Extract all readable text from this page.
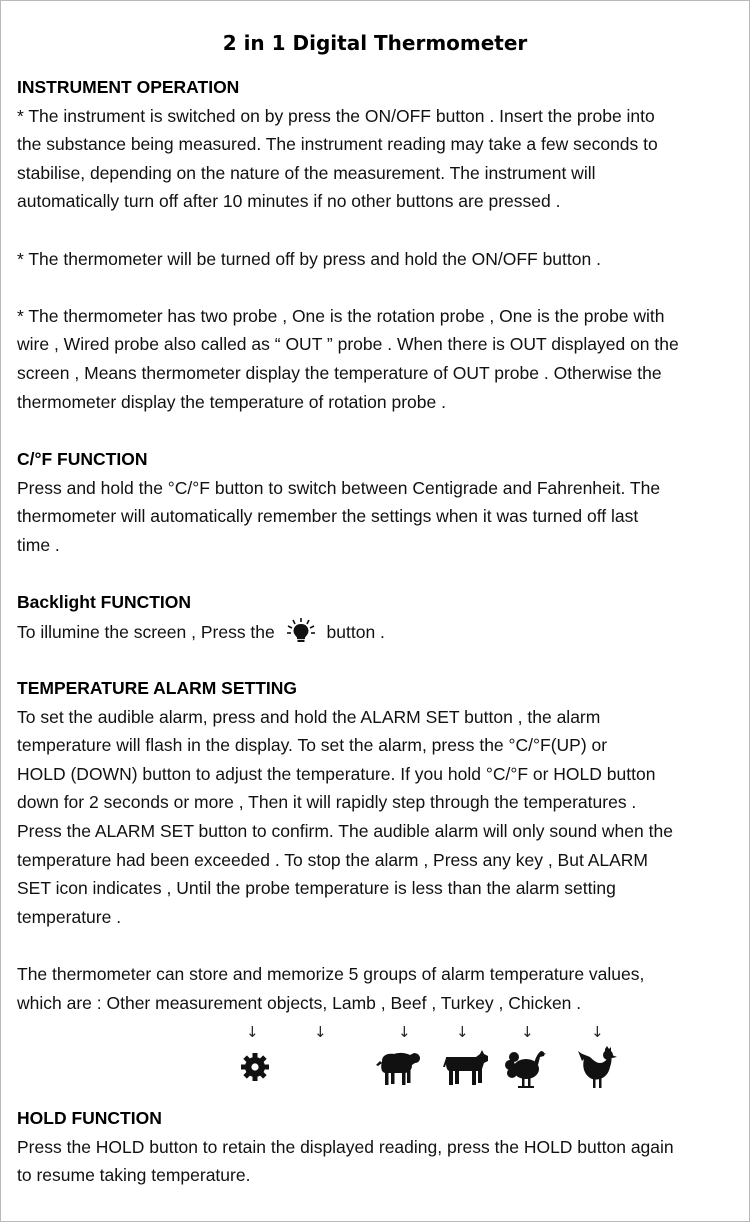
2 in 1 Digital Thermometer
INSTRUMENT OPERATION
* The instrument is switched on by press the ON/OFF button . Insert the probe into
the substance being measured. The instrument reading may take a few seconds to
stabilise, depending on the nature of the measurement. The instrument will
automatically turn off after 10 minutes if no other buttons are pressed .
* The thermometer will be turned off by press and hold the ON/OFF button .
* The thermometer has two probe , One is the rotation probe , One is the probe with
wire , Wired probe also called as “ OUT ” probe . When there is OUT displayed on the
screen , Means thermometer display the temperature of OUT probe . Otherwise the
thermometer display the temperature of rotation probe .
C/°F FUNCTION
Press and hold the °C/°F button to switch between Centigrade and Fahrenheit. The
thermometer will automatically remember the settings when it was turned off last
time .
Backlight FUNCTION
To illumine the screen , Press the	button .
TEMPERATURE ALARM SETTING
To set the audible alarm, press and hold the ALARM SET button , the alarm
temperature will flash in the display. To set the alarm, press the °C/°F(UP) or
HOLD (DOWN) button to adjust the temperature. If you hold °C/°F or HOLD button
down for 2 seconds or more , Then it will rapidly step through the temperatures .
Press the ALARM SET button to confirm. The audible alarm will only sound when the
temperature had been exceeded . To stop the alarm , Press any key , But ALARM
SET icon indicates , Until the probe temperature is less than the alarm setting
temperature .
The thermometer can store and memorize 5 groups of alarm temperature values,
which are : Other measurement objects, Lamb , Beef , Turkey , Chicken .
↓	↓	↓	↓	↓	↓
HOLD FUNCTION
Press the HOLD button to retain the displayed reading, press the HOLD button again
to resume taking temperature.
